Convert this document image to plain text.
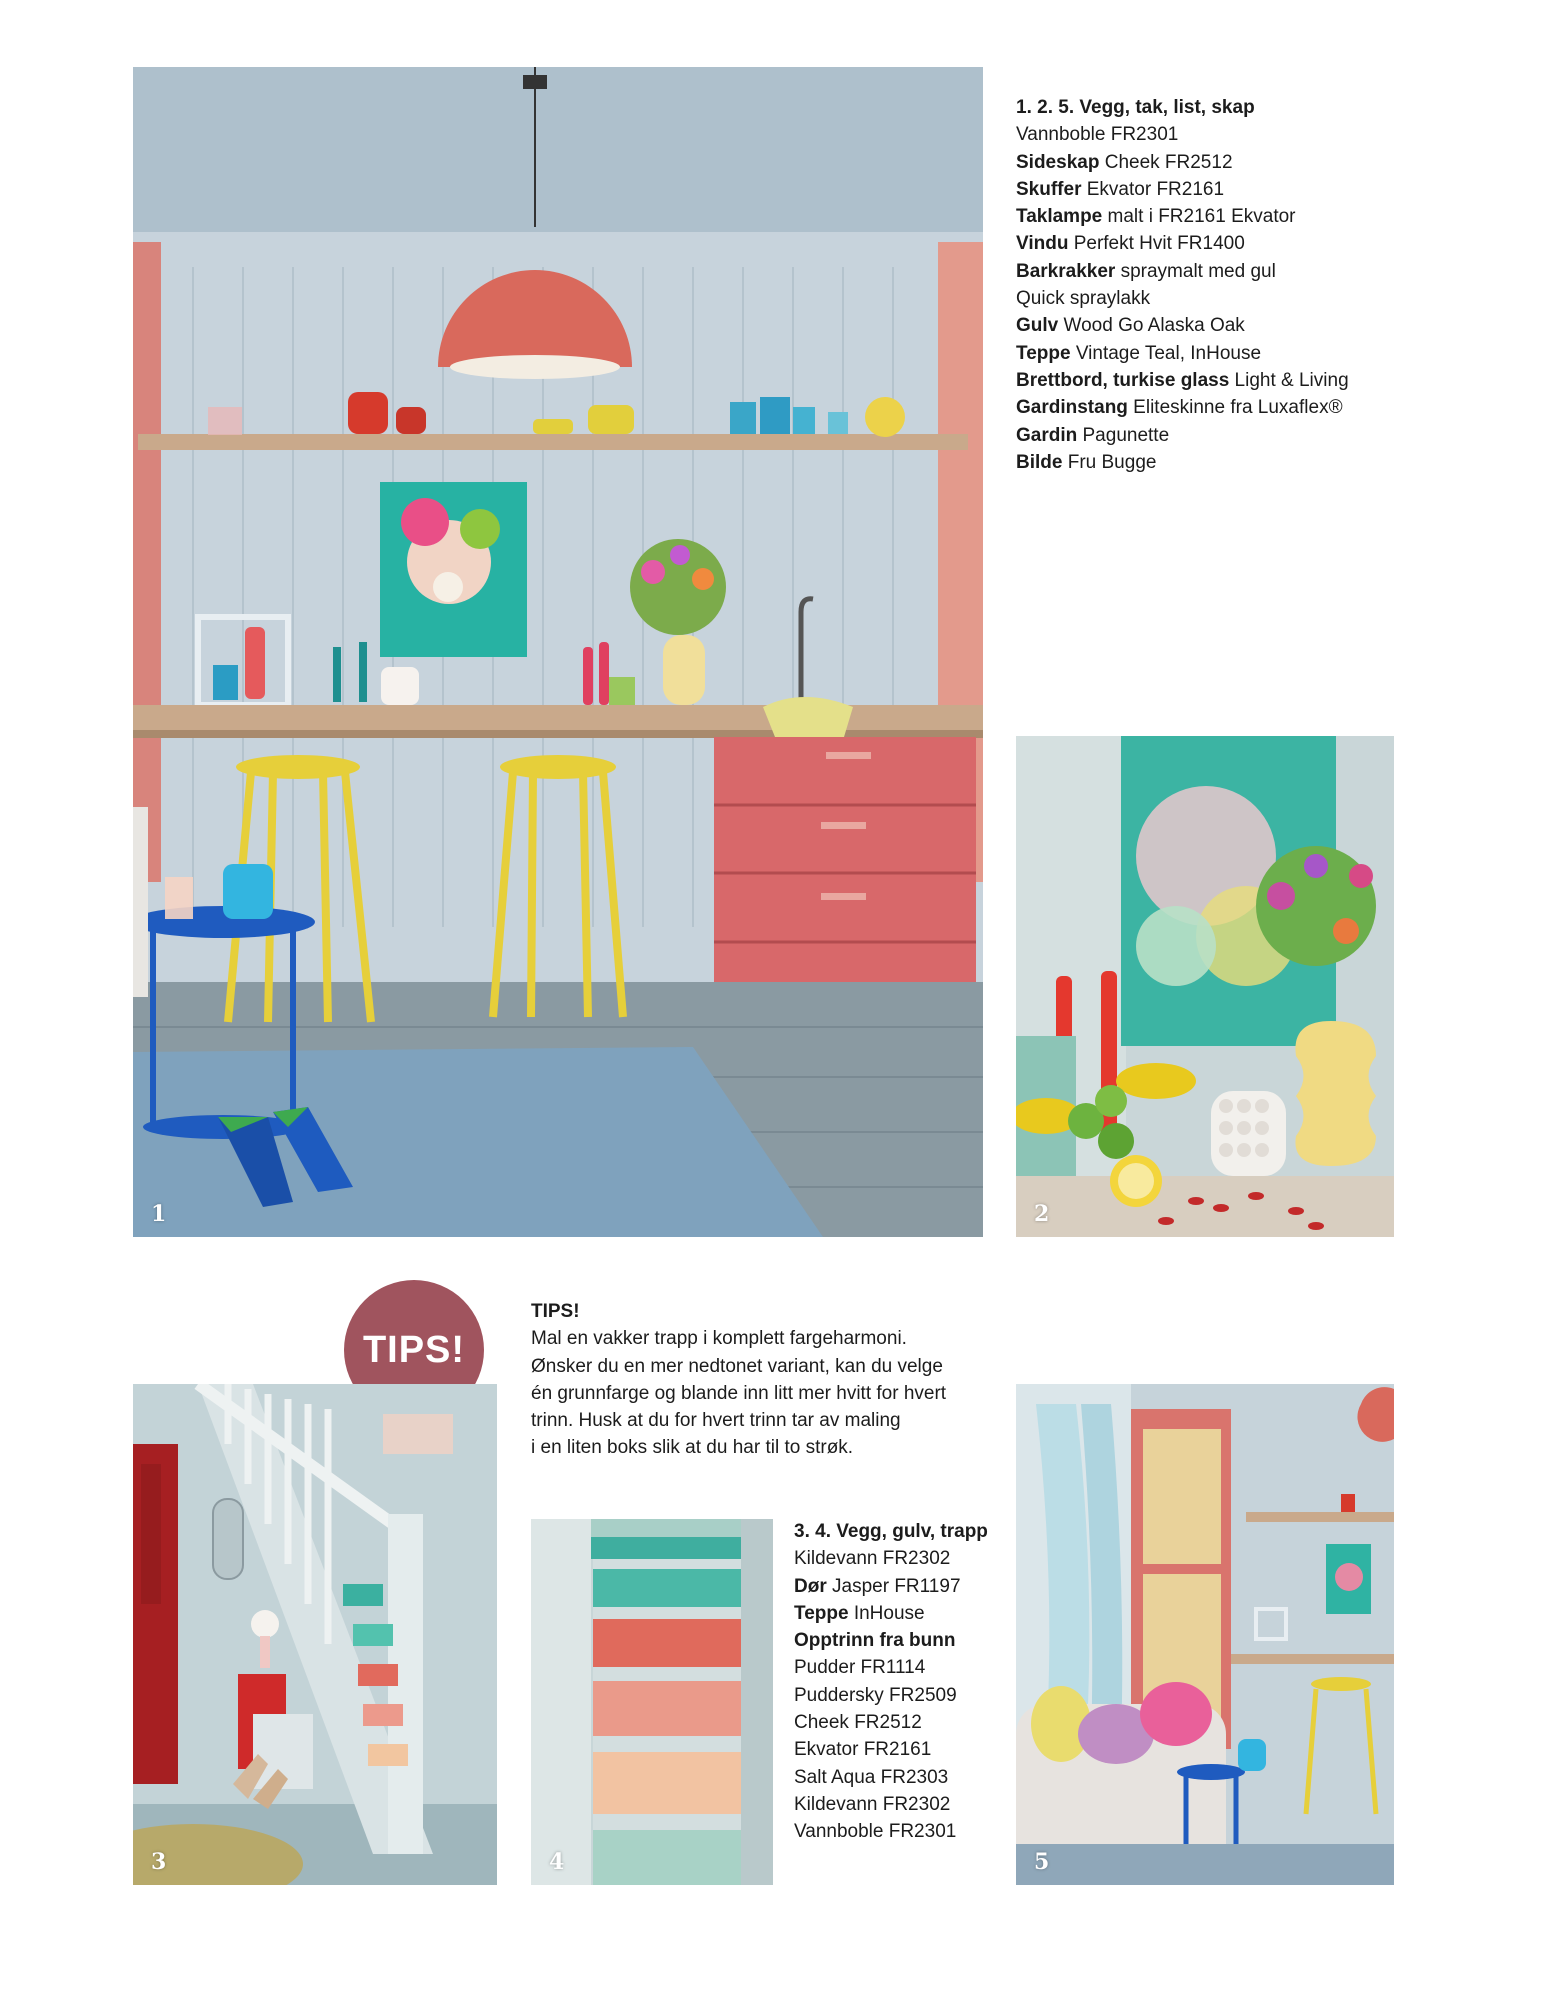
1
1. 2. 5. Vegg, tak, list, skap
Vannboble FR2301
Sideskap Cheek FR2512
Skuffer Ekvator FR2161
Taklampe malt i FR2161 Ekvator
Vindu Perfekt Hvit FR1400
Barkrakker spraymalt med gul
Quick spraylakk
Gulv Wood Go Alaska Oak
Teppe Vintage Teal, InHouse
Brettbord, turkise glass Light & Living
Gardinstang Eliteskinne fra Luxaflex®
Gardin Pagunette
Bilde Fru Bugge
2
TIPS!
TIPS!
Mal en vakker trapp i komplett fargeharmoni.
Ønsker du en mer nedtonet variant, kan du velge
én grunnfarge og blande inn litt mer hvitt for hvert
trinn. Husk at du for hvert trinn tar av maling
i en liten boks slik at du har til to strøk.
3	4
3. 4. Vegg, gulv, trapp
Kildevann FR2302
Dør Jasper FR1197
Teppe InHouse
Opptrinn fra bunn
Pudder FR1114
Puddersky FR2509
Cheek FR2512
Ekvator FR2161
Salt Aqua FR2303
Kildevann FR2302
Vannboble FR2301
5
